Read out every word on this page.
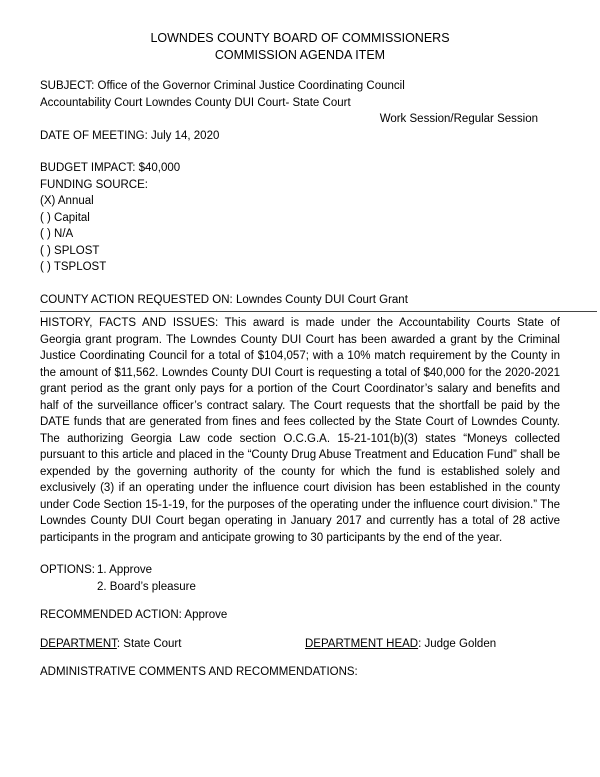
LOWNDES COUNTY BOARD OF COMMISSIONERS
COMMISSION AGENDA ITEM
SUBJECT: Office of the Governor Criminal Justice Coordinating Council
Accountability Court Lowndes County DUI Court- State Court
Work Session/Regular Session
DATE OF MEETING: July 14, 2020
BUDGET IMPACT: $40,000
FUNDING SOURCE:
(X) Annual
( ) Capital
( ) N/A
( ) SPLOST
( ) TSPLOST
COUNTY ACTION REQUESTED ON: Lowndes County DUI Court Grant
HISTORY, FACTS AND ISSUES: This award is made under the Accountability Courts State of Georgia grant program. The Lowndes County DUI Court has been awarded a grant by the Criminal Justice Coordinating Council for a total of $104,057; with a 10% match requirement by the County in the amount of $11,562. Lowndes County DUI Court is requesting a total of $40,000 for the 2020-2021 grant period as the grant only pays for a portion of the Court Coordinator’s salary and benefits and half of the surveillance officer’s contract salary. The Court requests that the shortfall be paid by the DATE funds that are generated from fines and fees collected by the State Court of Lowndes County. The authorizing Georgia Law code section O.C.G.A. 15-21-101(b)(3) states “Moneys collected pursuant to this article and placed in the “County Drug Abuse Treatment and Education Fund” shall be expended by the governing authority of the county for which the fund is established solely and exclusively (3) if an operating under the influence court division has been established in the county under Code Section 15-1-19, for the purposes of the operating under the influence court division.” The Lowndes County DUI Court began operating in January 2017 and currently has a total of 28 active participants in the program and anticipate growing to 30 participants by the end of the year.
OPTIONS: 1. Approve
2. Board’s pleasure
RECOMMENDED ACTION: Approve
DEPARTMENT: State Court	DEPARTMENT HEAD: Judge Golden
ADMINISTRATIVE COMMENTS AND RECOMMENDATIONS:
